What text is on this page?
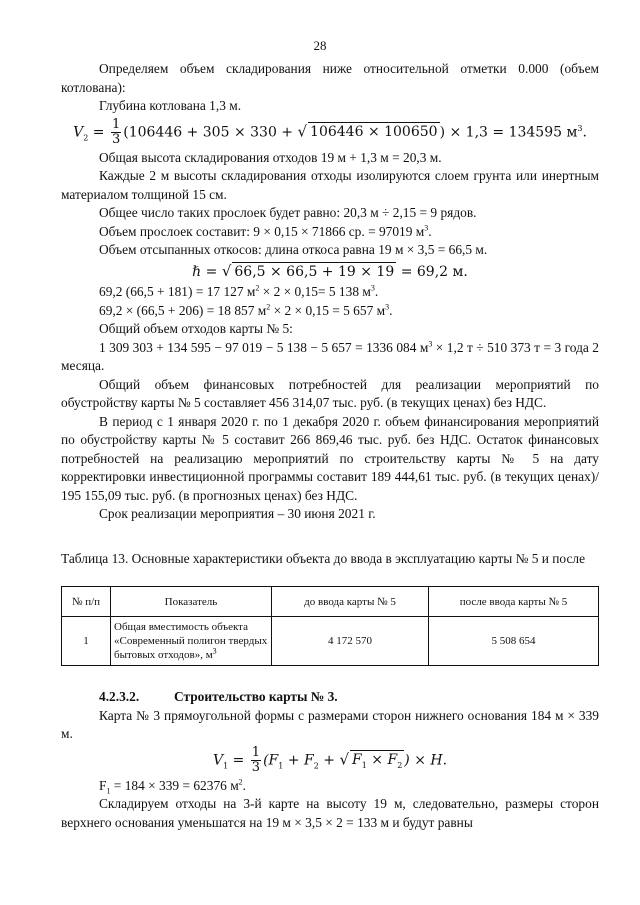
28

Определяем объем складирования ниже относительной отметки 0.000 (объем котлована):

Глубина котлована 1,3 м.

$V_2 = \frac{1}{3} (106446 + 305 \times 330$ + √ 106446 × 100650 ) × 1,3 = 134595 $м^3$.

Общая высота складирования отходов 19 м + 1,3 м = 20,3 м.

Каждые 2 м высоты складирования отходы изолируются слоем грунта или инертным материалом толщиной 15 см.

Общее число таких прослоек будет равно: 20,3 м ÷ 2,15 = 9 рядов.

Объем прослоек составит: 9 × 0,15 × 71866 ср. = 97019 $м^3$.

Объем отсыпанных откосов: длина откоса равна 19 м × 3,5 = 66,5 м.

ℏ = √ 66,5 × 66,5 + 19 × 19 = 69,2 м.

69,2 (66,5 + 181) = 17 127 $м^2 \times 2 \times 0,15= 5$ 138 $м^3$.

69,2 × (66,5 + 206) = 18 857 $м^2 \times 2 \times 0,15 = 5$ 657 $м^3$.

Общий объем отходов карты № 5:

1 309 303 + 134 595 − 97 019 − 5 138 − 5 657 = 1336 084 $м^3 \times 1,2$ т ÷ 510 373 т = 3 года 2 месяца.

Общий объем финансовых потребностей для реализации мероприятий по обустройству карты № 5 составляет 456 314,07 тыс. руб. (в текущих ценах) без НДС.

В период с 1 января 2020 г. по 1 декабря 2020 г. объем финансирования мероприятий по обустройству карты № 5 составит 266 869,46 тыс. руб. без НДС. Остаток финансовых потребностей на реализацию мероприятий по строительству карты № 5 на дату корректировки инвестиционной программы составит 189 444,61 тыс. руб. (в текущих ценах)/ 195 155,09 тыс. руб. (в прогнозных ценах) без НДС.

Срок реализации мероприятия – 30 июня 2021 г.

Таблица 13. Основные характеристики объекта до ввода в эксплуатацию карты № 5 и после

№ п/п	Показатель	до ввода карты № 5	после ввода карты № 5
1	Общая вместимость объекта «Современный полигон твердых бытовых отходов», $м^3$	4 172 570	5 508 654

4.2.3.2.	Строительство карты № 3.

Карта № 3 прямоугольной формы с размерами сторон нижнего основания 184 м × 339 м.

$V_1 = \frac{1}{3} (F_1 + F_2$ + √ $F_1 \times F_2$ ) × H.

$F_1 = 184 \times 339 = 62376$ $м^2$.

Складируем отходы на 3-й карте на высоту 19 м, следовательно, размеры сторон верхнего основания уменьшатся на 19 м × 3,5 × 2 = 133 м и будут равны
